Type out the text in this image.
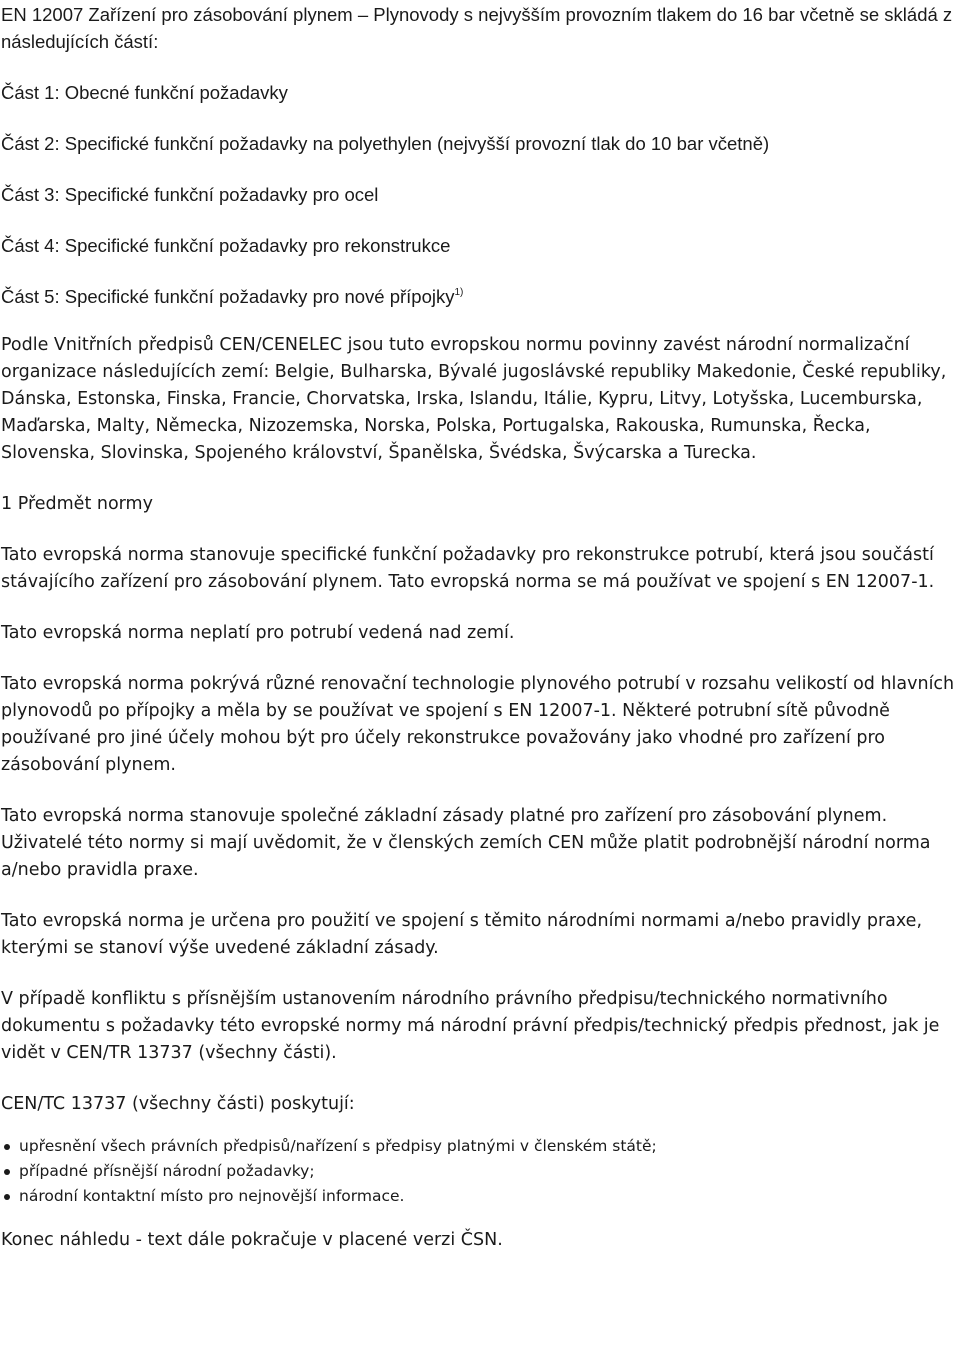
EN 12007 Zařízení pro zásobování plynem – Plynovody s nejvyšším provozním tlakem do 16 bar včetně se skládá z následujících částí:

Část 1: Obecné funkční požadavky

Část 2: Specifické funkční požadavky na polyethylen (nejvyšší provozní tlak do 10 bar včetně)

Část 3: Specifické funkční požadavky pro ocel

Část 4: Specifické funkční požadavky pro rekonstrukce

Část 5: Specifické funkční požadavky pro nové přípojky$^{1)}$

Podle Vnitřních předpisů CEN/CENELEC jsou tuto evropskou normu povinny zavést národní normalizační organizace následujících zemí: Belgie, Bulharska, Bývalé jugoslávské republiky Makedonie, České republiky, Dánska, Estonska, Finska, Francie, Chorvatska, Irska, Islandu, Itálie, Kypru, Litvy, Lotyšska, Lucemburska, Maďarska, Malty, Německa, Nizozemska, Norska, Polska, Portugalska, Rakouska, Rumunska, Řecka, Slovenska, Slovinska, Spojeného království, Španělska, Švédska, Švýcarska a Turecka.

1 Předmět normy

Tato evropská norma stanovuje specifické funkční požadavky pro rekonstrukce potrubí, která jsou součástí stávajícího zařízení pro zásobování plynem. Tato evropská norma se má používat ve spojení s EN 12007-1.

Tato evropská norma neplatí pro potrubí vedená nad zemí.

Tato evropská norma pokrývá různé renovační technologie plynového potrubí v rozsahu velikostí od hlavních plynovodů po přípojky a měla by se používat ve spojení s EN 12007-1. Některé potrubní sítě původně používané pro jiné účely mohou být pro účely rekonstrukce považovány jako vhodné pro zařízení pro zásobování plynem.

Tato evropská norma stanovuje společné základní zásady platné pro zařízení pro zásobování plynem. Uživatelé této normy si mají uvědomit, že v členských zemích CEN může platit podrobnější národní norma a/nebo pravidla praxe.

Tato evropská norma je určena pro použití ve spojení s těmito národními normami a/nebo pravidly praxe, kterými se stanoví výše uvedené základní zásady.

V případě konfliktu s přísnějším ustanovením národního právního předpisu/technického normativního dokumentu s požadavky této evropské normy má národní právní předpis/technický předpis přednost, jak je vidět v CEN/TR 13737 (všechny části).

CEN/TC 13737 (všechny části) poskytují:

upřesnění všech právních předpisů/nařízení s předpisy platnými v členském státě;
případné přísnější národní požadavky;
národní kontaktní místo pro nejnovější informace.

Konec náhledu - text dále pokračuje v placené verzi ČSN.
